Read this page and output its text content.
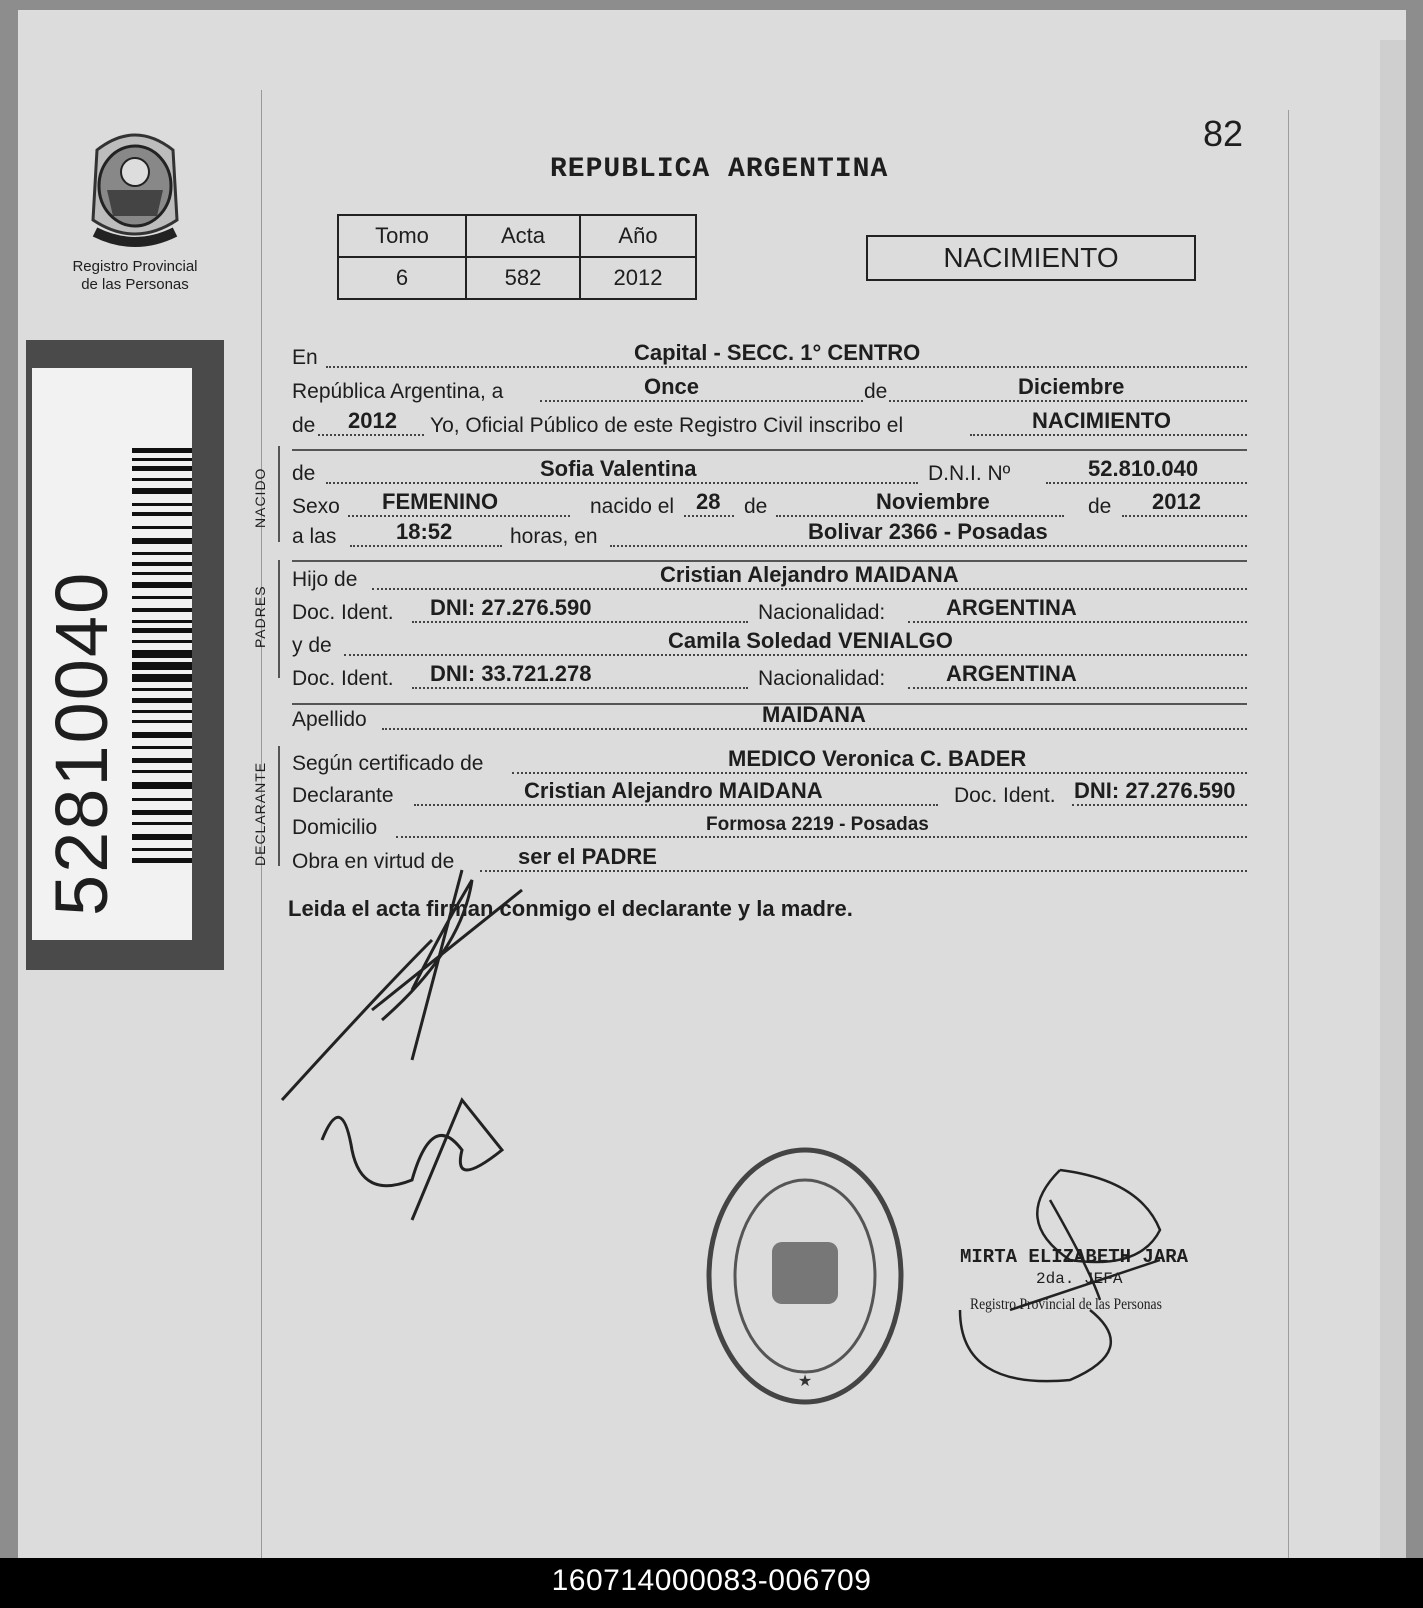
82
REPUBLICA ARGENTINA
Registro Provincial
de las Personas
52810040
Tomo	Acta	Año
6	582	2012
NACIMIENTO
En	Capital - SECC. 1° CENTRO
República Argentina, a	Once	de	Diciembre
de 2012 Yo, Oficial Público de este Registro Civil inscribo el	NACIMIENTO
NACIDO de	Sofia Valentina	D.N.I. Nº	52.810.040
Sexo FEMENINO	nacido el 28 de	Noviembre	de 2012
a las	18:52	horas, en	Bolivar 2366 - Posadas
PADRES
Hijo de	Cristian Alejandro MAIDANA
Doc. Ident. DNI: 27.276.590	Nacionalidad:	ARGENTINA
y de	Camila Soledad VENIALGO
Doc. Ident. DNI: 33.721.278	Nacionalidad:	ARGENTINA
Apellido	MAIDANA
DECLARANTE Según certificado de	MEDICO Veronica C. BADER
Declarante	Cristian Alejandro MAIDANA	Doc. Ident. DNI: 27.276.590
Domicilio	Formosa 2219 - Posadas
Obra en virtud de	ser el PADRE
Leida el acta firman conmigo el declarante y la madre.
★
MIRTA ELIZABETH JARA
2da. JEFA
Registro Provincial de las Personas
160714000083-006709
